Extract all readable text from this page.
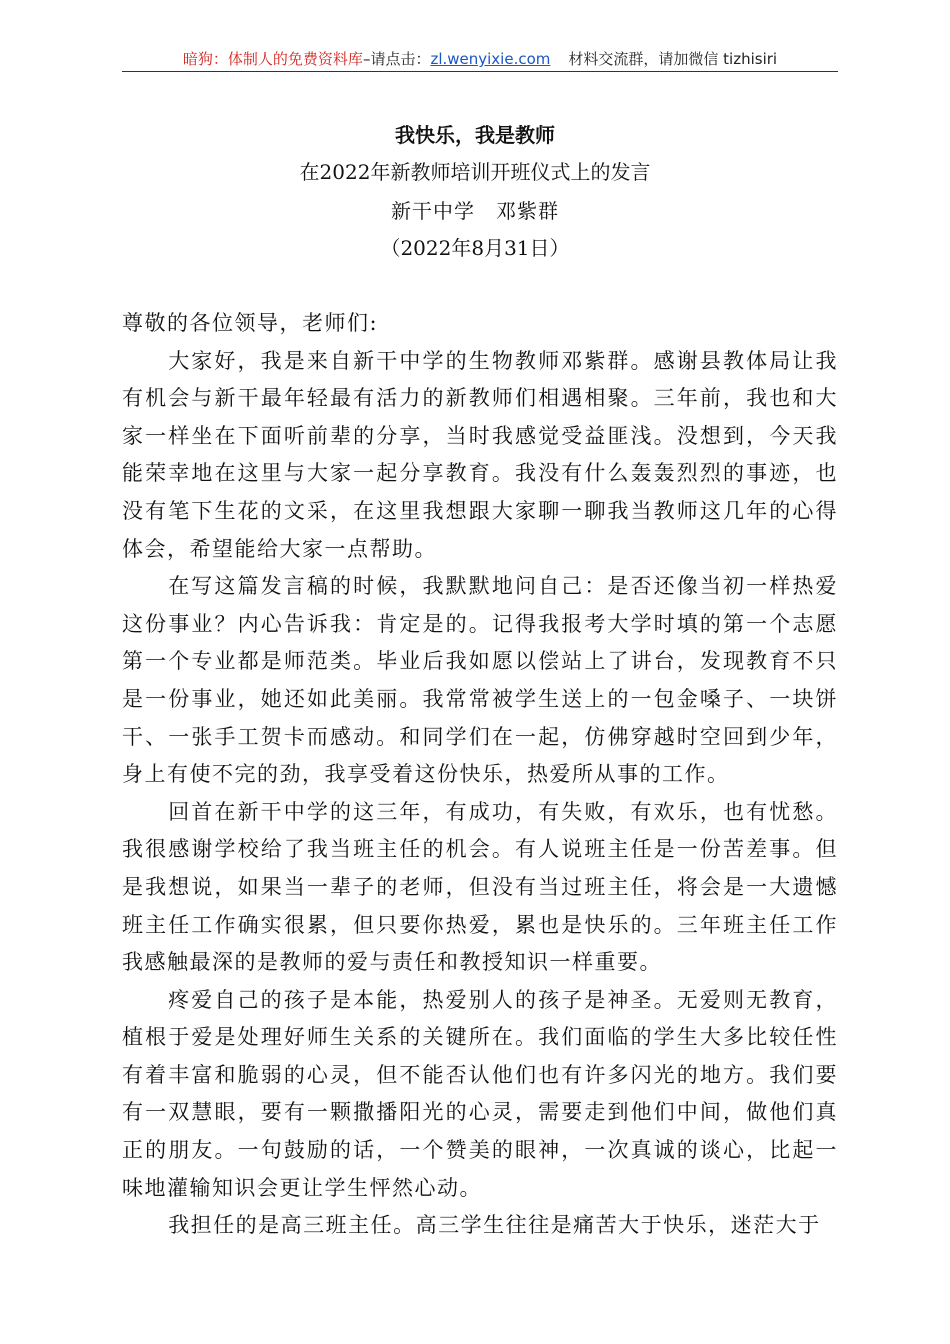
暗狗：体制人的免费资料库–请点击：zl.wenyixie.com 材料交流群，请加微信 tizhisiri
我快乐，我是教师
在2022年新教师培训开班仪式上的发言
新干中学　邓紫群
（2022年8月31日）

尊敬的各位领导，老师们:

大家好，我是来自新干中学的生物教师邓紫群。感谢县教体局让我有机会与新干最年轻最有活力的新教师们相遇相聚。三年前，我也和大家一样坐在下面听前辈的分享，当时我感觉受益匪浅。没想到，今天我能荣幸地在这里与大家一起分享教育。我没有什么轰轰烈烈的事迹，也没有笔下生花的文采，在这里我想跟大家聊一聊我当教师这几年的心得体会，希望能给大家一点帮助。

在写这篇发言稿的时候，我默默地问自己：是否还像当初一样热爱这份事业？内心告诉我：肯定是的。记得我报考大学时填的第一个志愿第一个专业都是师范类。毕业后我如愿以偿站上了讲台，发现教育不只是一份事业，她还如此美丽。我常常被学生送上的一包金嗓子、一块饼干、一张手工贺卡而感动。和同学们在一起，仿佛穿越时空回到少年，身上有使不完的劲，我享受着这份快乐，热爱所从事的工作。

回首在新干中学的这三年，有成功，有失败，有欢乐，也有忧愁。我很感谢学校给了我当班主任的机会。有人说班主任是一份苦差事。但是我想说，如果当一辈子的老师，但没有当过班主任，将会是一大遗憾班主任工作确实很累，但只要你热爱，累也是快乐的。三年班主任工作我感触最深的是教师的爱与责任和教授知识一样重要。

疼爱自己的孩子是本能，热爱别人的孩子是神圣。无爱则无教育，植根于爱是处理好师生关系的关键所在。我们面临的学生大多比较任性有着丰富和脆弱的心灵，但不能否认他们也有许多闪光的地方。我们要有一双慧眼，要有一颗撒播阳光的心灵，需要走到他们中间，做他们真正的朋友。一句鼓励的话，一个赞美的眼神，一次真诚的谈心，比起一味地灌输知识会更让学生怦然心动。

我担任的是高三班主任。高三学生往往是痛苦大于快乐，迷茫大于
